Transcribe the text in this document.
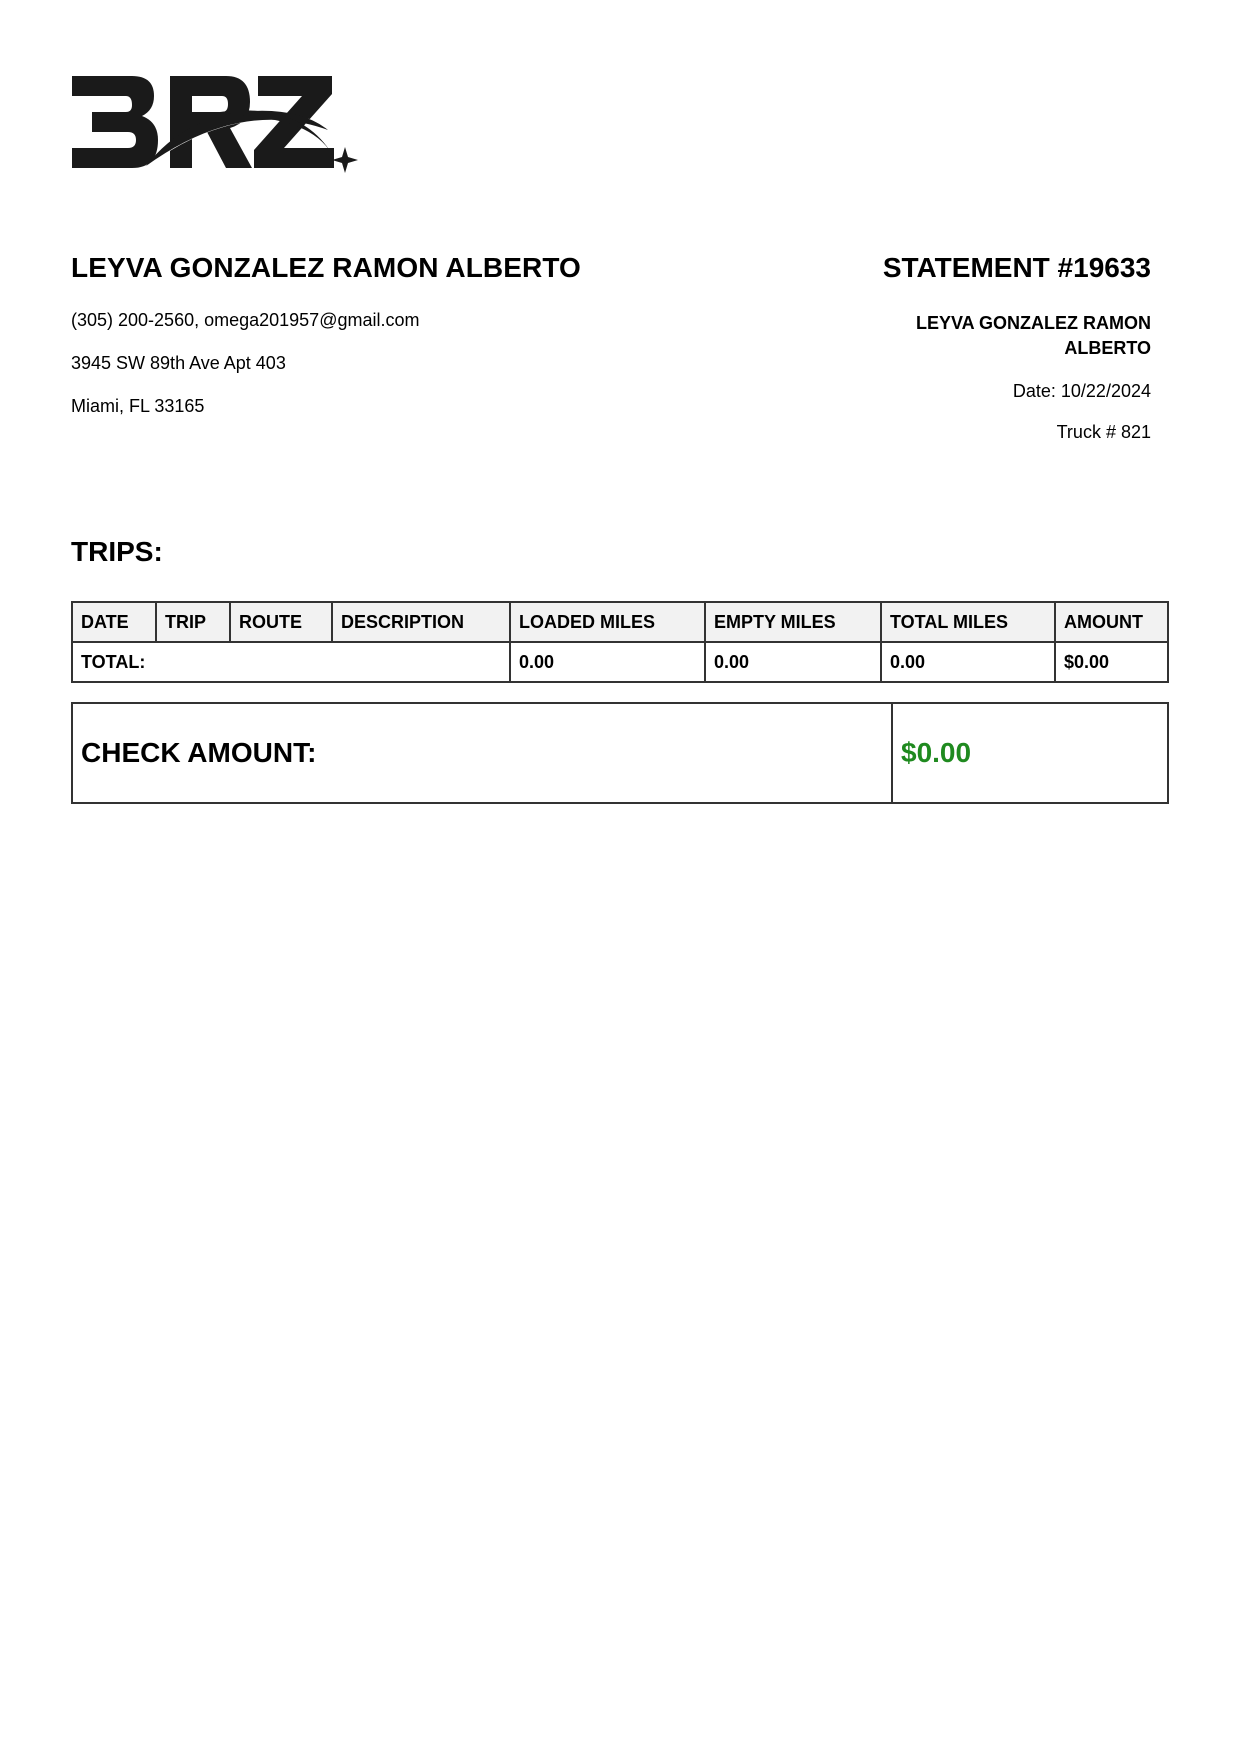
LEYVA GONZALEZ RAMON ALBERTO
(305) 200-2560, omega201957@gmail.com
3945 SW 89th Ave Apt 403
Miami, FL 33165
STATEMENT #19633
LEYVA GONZALEZ RAMON ALBERTO
Date: 10/22/2024
Truck # 821
TRIPS:
DATE	TRIP	ROUTE	DESCRIPTION	LOADED MILES	EMPTY MILES	TOTAL MILES	AMOUNT
TOTAL:				0.00	0.00	0.00	$0.00
CHECK AMOUNT:	$0.00
